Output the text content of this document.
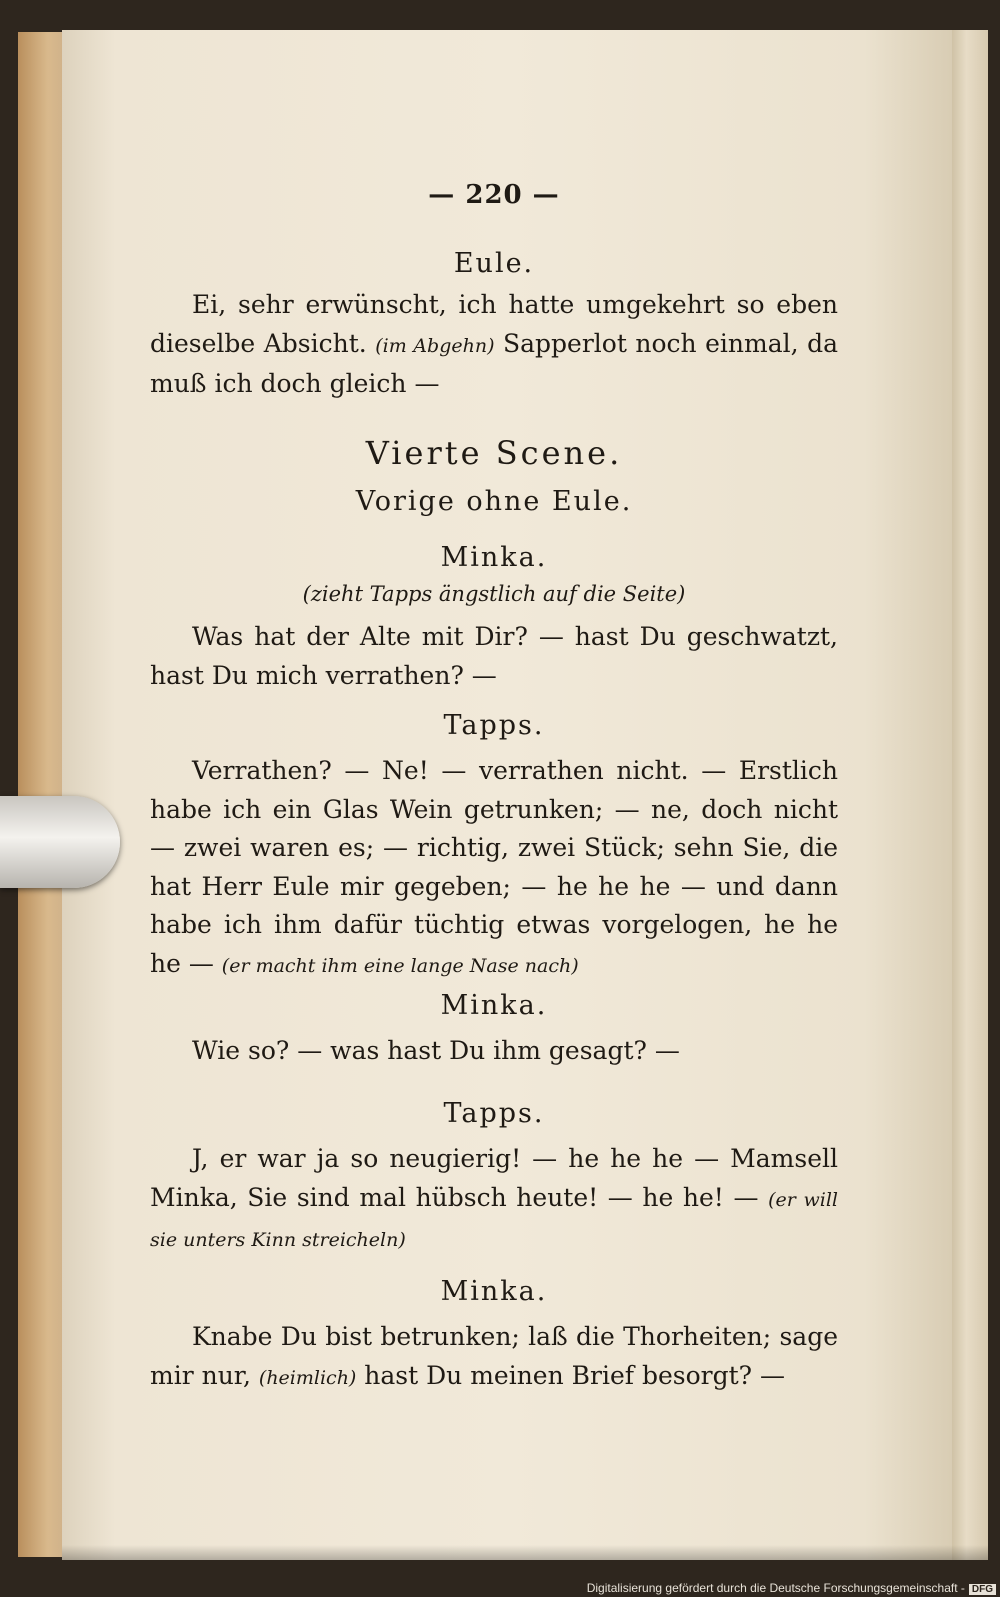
— 220 —
Eule.
Ei, sehr erwünscht, ich hatte umgekehrt so eben dieselbe Absicht. (im Abgehn) Sapperlot noch einmal, da muß ich doch gleich —
Vierte Scene.
Vorige ohne Eule.
Minka.
(zieht Tapps ängstlich auf die Seite)
Was hat der Alte mit Dir? — hast Du geschwatzt, hast Du mich verrathen? —
Tapps.
Verrathen? — Ne! — verrathen nicht. — Erstlich habe ich ein Glas Wein getrunken; — ne, doch nicht — zwei waren es; — richtig, zwei Stück; sehn Sie, die hat Herr Eule mir gegeben; — he he he — und dann habe ich ihm dafür tüchtig etwas vorgelogen, he he he — (er macht ihm eine lange Nase nach)
Minka.
Wie so? — was hast Du ihm gesagt? —
Tapps.
J, er war ja so neugierig! — he he he — Mamsell Minka, Sie sind mal hübsch heute! — he he! — (er will sie unters Kinn streicheln)
Minka.
Knabe Du bist betrunken; laß die Thorheiten; sage mir nur, (heimlich) hast Du meinen Brief besorgt? —
Digitalisierung gefördert durch die Deutsche Forschungsgemeinschaft - DFG
